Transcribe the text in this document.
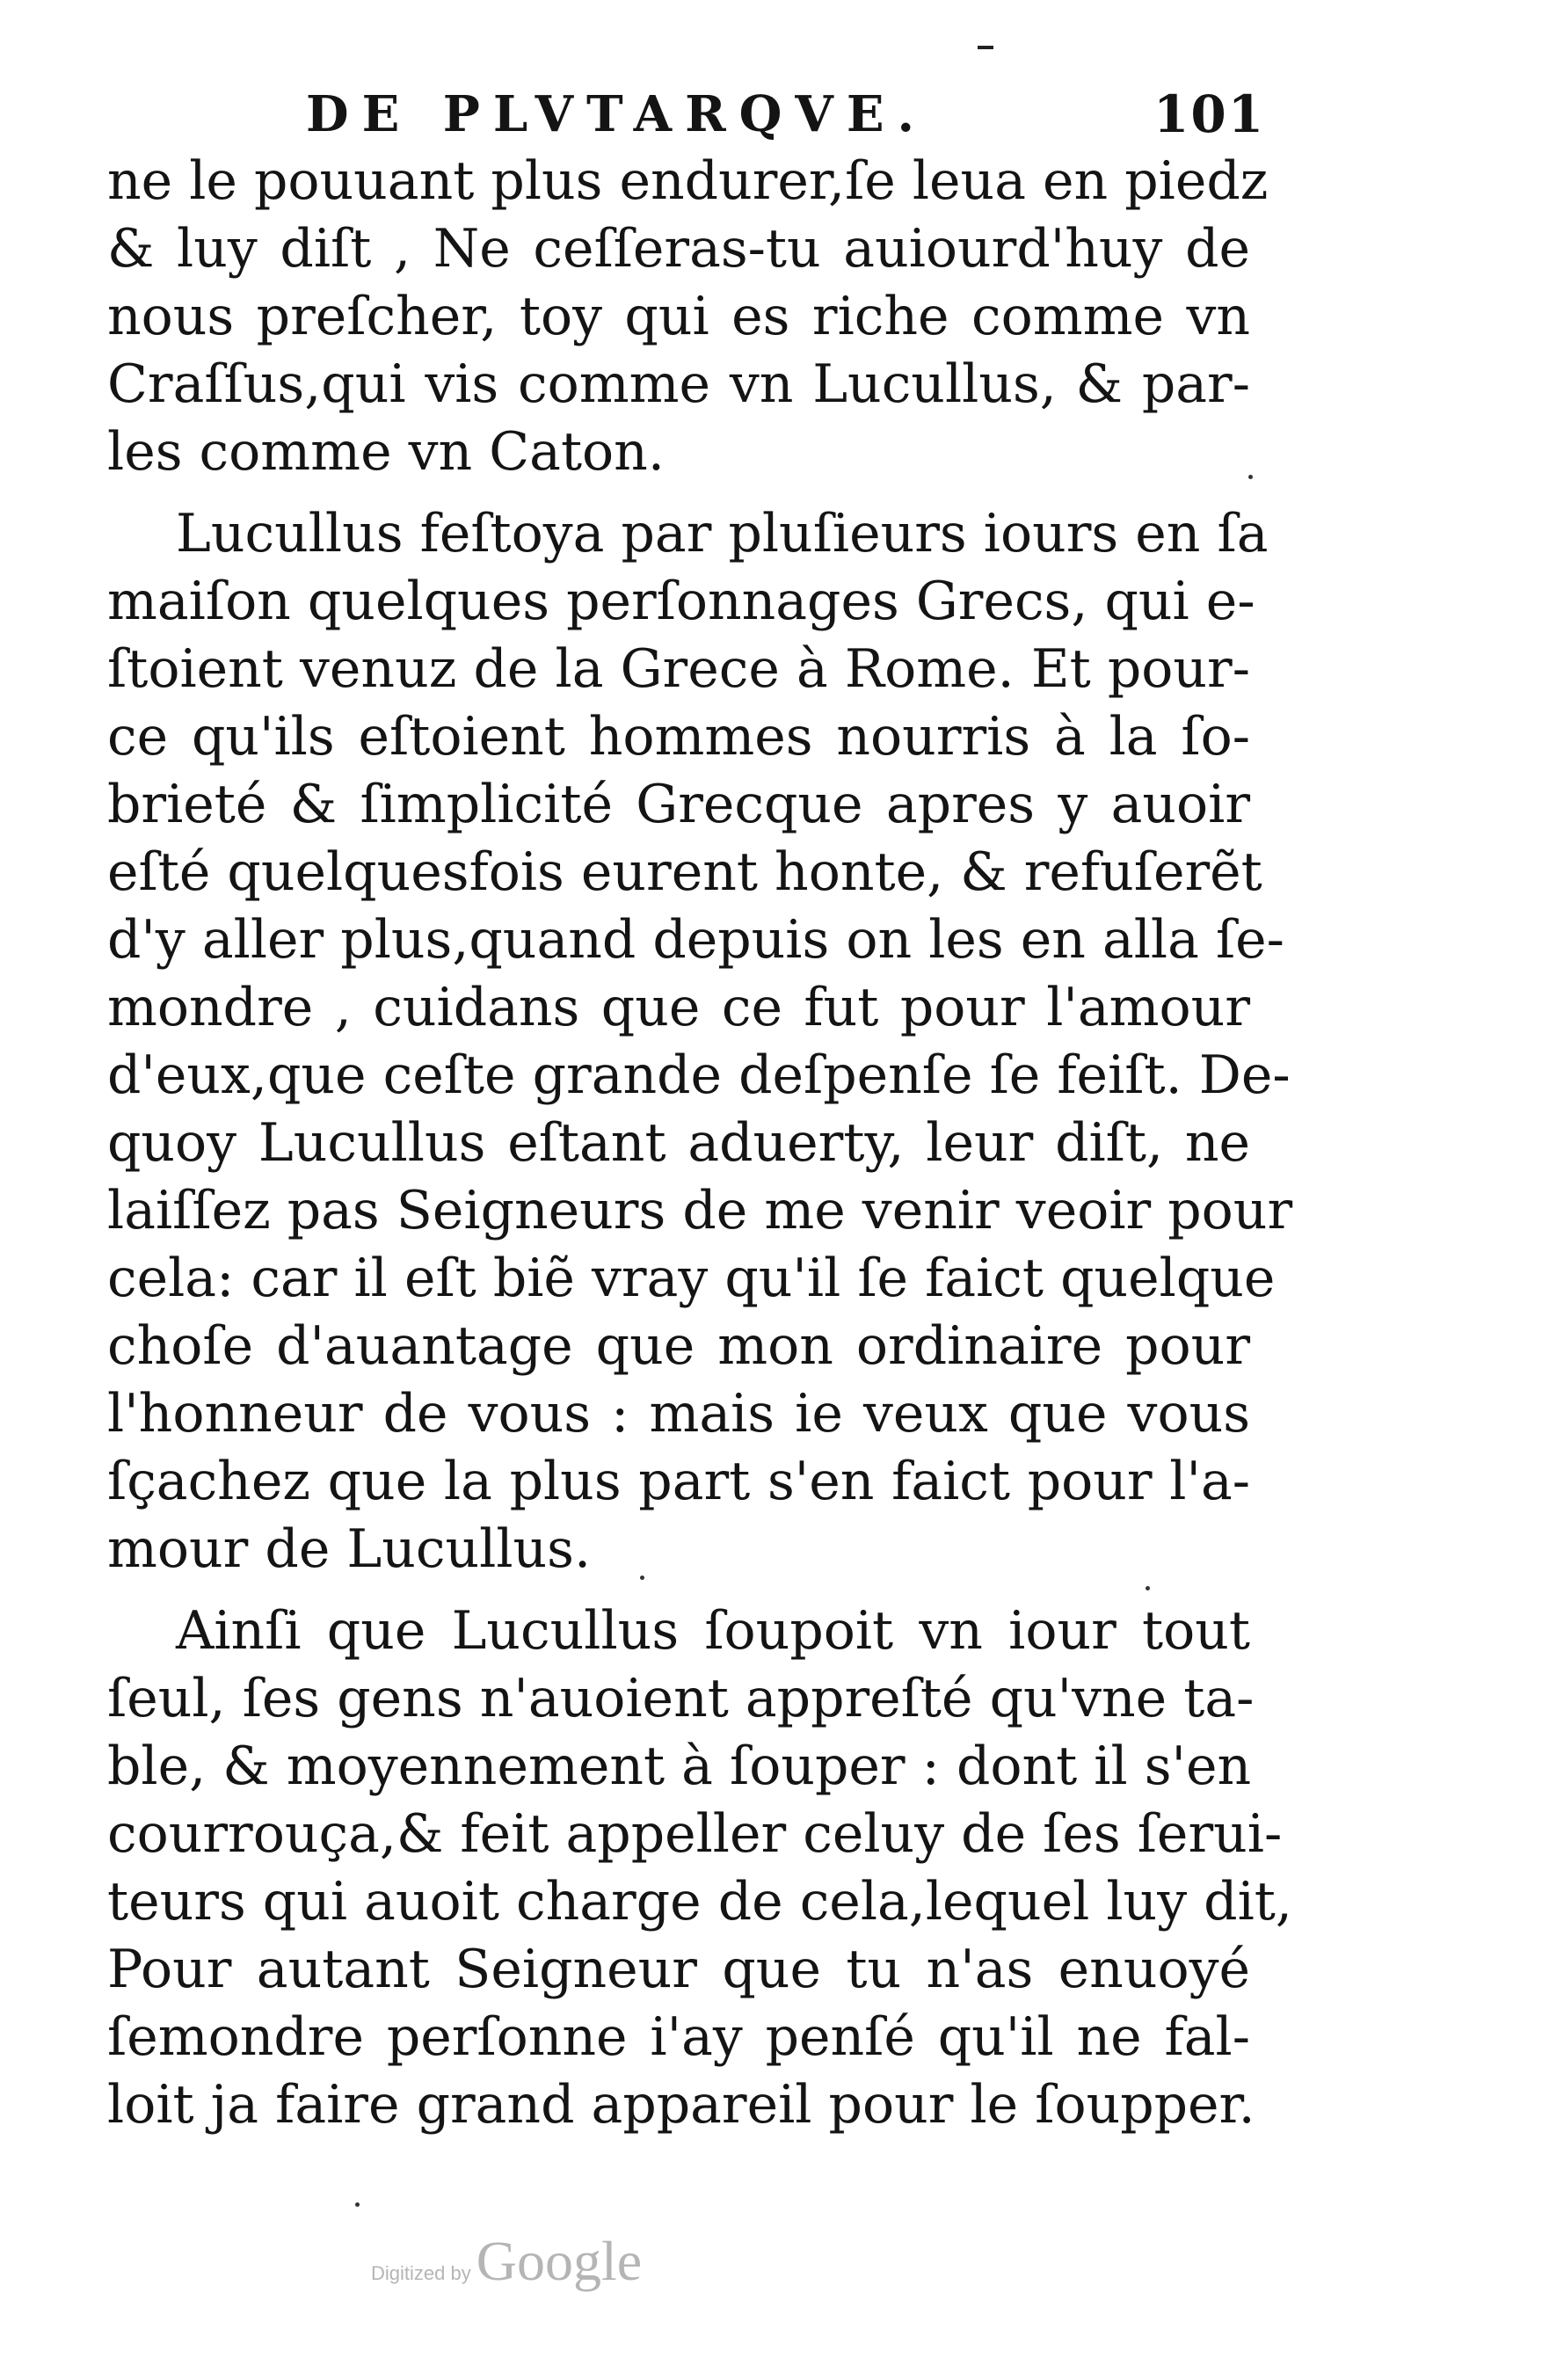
DE PLVTARQVE.	101
ne le pouuant plus endurer,ſe leua en piedz
& luy diſt , Ne ceſſeras-tu auiourd'huy de
nous preſcher, toy qui es riche comme vn
Craſſus,qui vis comme vn Lucullus, & par-
les comme vn Caton.
Lucullus feſtoya par pluſieurs iours en ſa
maiſon quelques perſonnages Grecs, qui e-
ſtoient venuz de la Grece à Rome. Et pour-
ce qu'ils eſtoient hommes nourris à la ſo-
brieté & ſimplicité Grecque apres y auoir
eſté quelquesfois eurent honte, & refuſerẽt
d'y aller plus,quand depuis on les en alla ſe-
mondre , cuidans que ce fut pour l'amour
d'eux,que ceſte grande deſpenſe ſe feiſt. De-
quoy Lucullus eſtant aduerty, leur diſt, ne
laiſſez pas Seigneurs de me venir veoir pour
cela: car il eſt biẽ vray qu'il ſe faict quelque
choſe d'auantage que mon ordinaire pour
l'honneur de vous : mais ie veux que vous
ſçachez que la plus part s'en faict pour l'a-
mour de Lucullus.
Ainſi que Lucullus ſoupoit vn iour tout
ſeul, ſes gens n'auoient appreſté qu'vne ta-
ble, & moyennement à ſouper : dont il s'en
courrouça,& feit appeller celuy de ſes ſerui-
teurs qui auoit charge de cela,lequel luy dit,
Pour autant Seigneur que tu n'as enuoyé
ſemondre perſonne i'ay penſé qu'il ne fal-
loit ja faire grand appareil pour le ſoupper.
Digitized byGoogle
